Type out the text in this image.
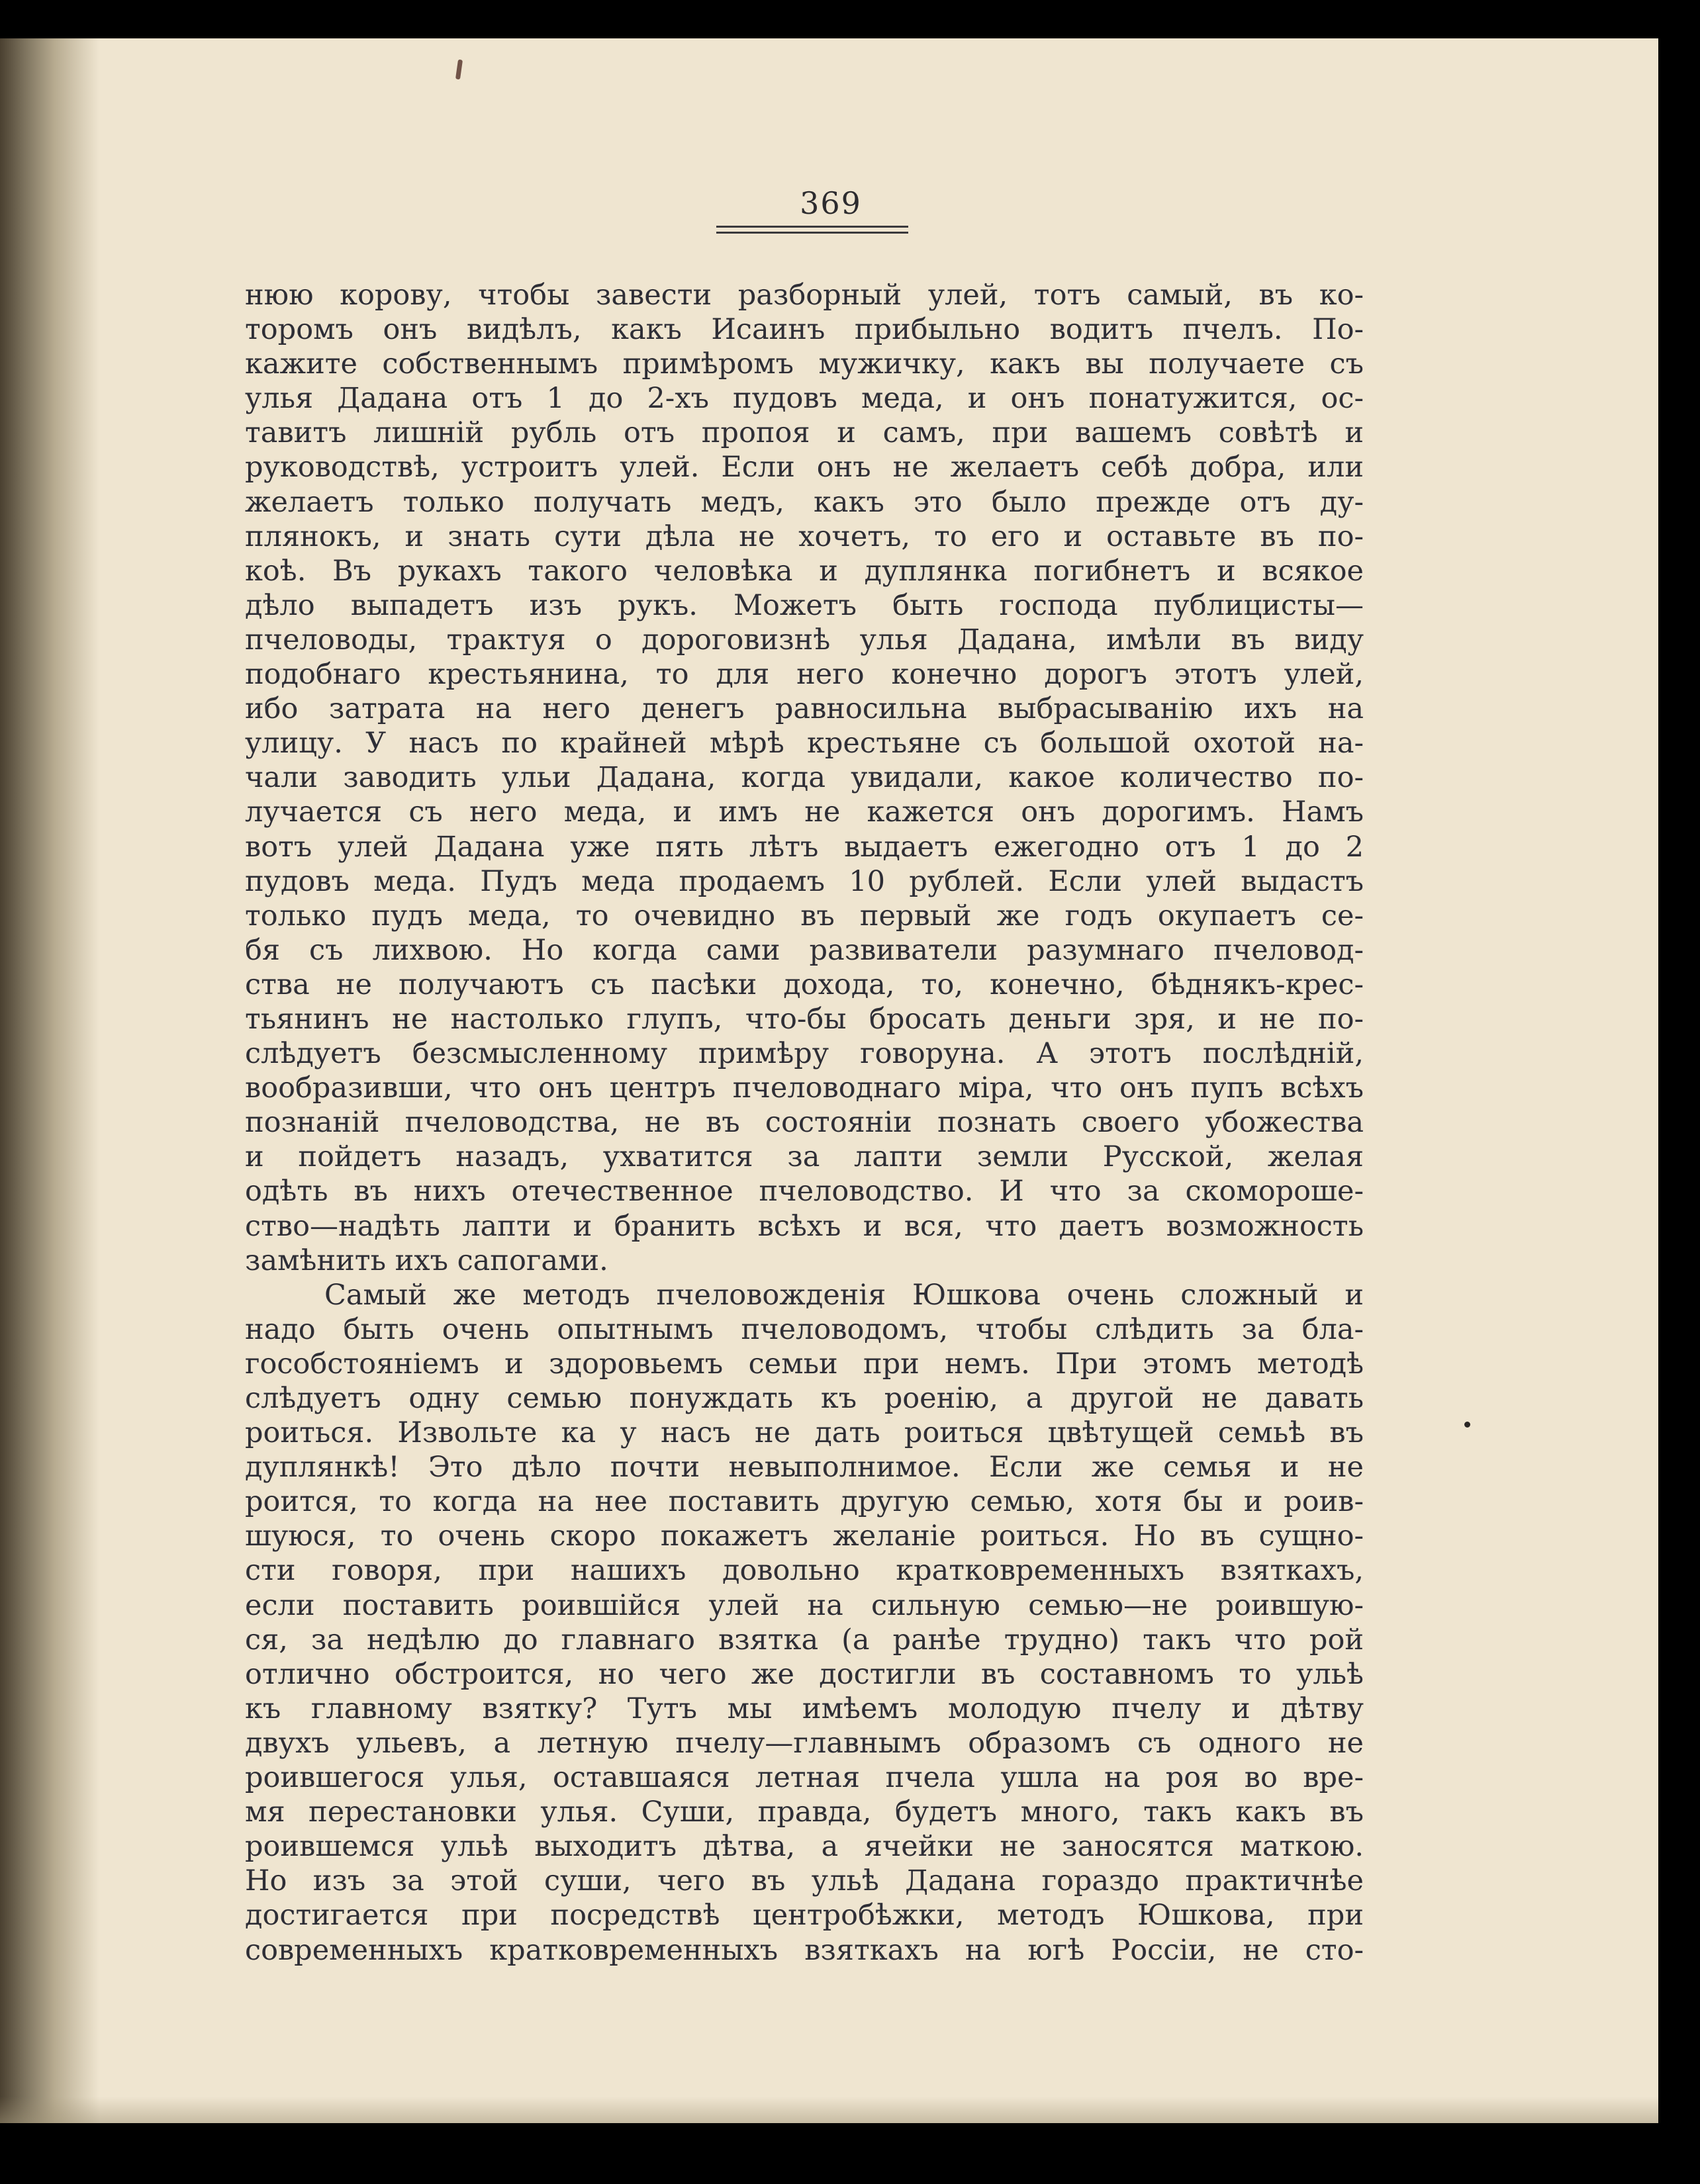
369
нюю корову, чтобы завести разборный улей, тотъ самый, въ ко-
торомъ онъ видѣлъ, какъ Исаинъ прибыльно водитъ пчелъ. По-
кажите собственнымъ примѣромъ мужичку, какъ вы получаете съ
улья Дадана отъ 1 до 2-хъ пудовъ меда, и онъ понатужится, ос-
тавитъ лишній рубль отъ пропоя и самъ, при вашемъ совѣтѣ и
руководствѣ, устроитъ улей. Если онъ не желаетъ себѣ добра, или
желаетъ только получать медъ, какъ это было прежде отъ ду-
плянокъ, и знать сути дѣла не хочетъ, то его и оставьте въ по-
коѣ. Въ рукахъ такого человѣка и дуплянка погибнетъ и всякое
дѣло выпадетъ изъ рукъ. Можетъ быть господа публицисты—
пчеловоды, трактуя о дороговизнѣ улья Дадана, имѣли въ виду
подобнаго крестьянина, то для него конечно дорогъ этотъ улей,
ибо затрата на него денегъ равносильна выбрасыванію ихъ на
улицу. У насъ по крайней мѣрѣ крестьяне съ большой охотой на-
чали заводить ульи Дадана, когда увидали, какое количество по-
лучается съ него меда, и имъ не кажется онъ дорогимъ. Намъ
вотъ улей Дадана уже пять лѣтъ выдаетъ ежегодно отъ 1 до 2
пудовъ меда. Пудъ меда продаемъ 10 рублей. Если улей выдастъ
только пудъ меда, то очевидно въ первый же годъ окупаетъ се-
бя съ лихвою. Но когда сами развиватели разумнаго пчеловод-
ства не получаютъ съ пасѣки дохода, то, конечно, бѣднякъ-крес-
тьянинъ не настолько глупъ, что-бы бросать деньги зря, и не по-
слѣдуетъ безсмысленному примѣру говоруна. А этотъ послѣдній,
вообразивши, что онъ центръ пчеловоднаго міра, что онъ пупъ всѣхъ
познаній пчеловодства, не въ состояніи познать своего убожества
и пойдетъ назадъ, ухватится за лапти земли Русской, желая
одѣть въ нихъ отечественное пчеловодство. И что за скомороше-
ство—надѣть лапти и бранить всѣхъ и вся, что даетъ возможность
замѣнить ихъ сапогами.
Самый же методъ пчеловожденія Юшкова очень сложный и
надо быть очень опытнымъ пчеловодомъ, чтобы слѣдить за бла-
гособстояніемъ и здоровьемъ семьи при немъ. При этомъ методѣ
слѣдуетъ одну семью понуждать къ роенію, а другой не давать
роиться. Извольте ка у насъ не дать роиться цвѣтущей семьѣ въ
дуплянкѣ! Это дѣло почти невыполнимое. Если же семья и не
роится, то когда на нее поставить другую семью, хотя бы и роив-
шуюся, то очень скоро покажетъ желаніе роиться. Но въ сущно-
сти говоря, при нашихъ довольно кратковременныхъ взяткахъ,
если поставить роившійся улей на сильную семью—не роившую-
ся, за недѣлю до главнаго взятка (а ранѣе трудно) такъ что рой
отлично обстроится, но чего же достигли въ составномъ то ульѣ
къ главному взятку? Тутъ мы имѣемъ молодую пчелу и дѣтву
двухъ ульевъ, а летную пчелу—главнымъ образомъ съ одного не
роившегося улья, оставшаяся летная пчела ушла на роя во вре-
мя перестановки улья. Суши, правда, будетъ много, такъ какъ въ
роившемся ульѣ выходитъ дѣтва, а ячейки не заносятся маткою.
Но изъ за этой суши, чего въ ульѣ Дадана гораздо практичнѣе
достигается при посредствѣ центробѣжки, методъ Юшкова, при
современныхъ кратковременныхъ взяткахъ на югѣ Россіи, не сто-
